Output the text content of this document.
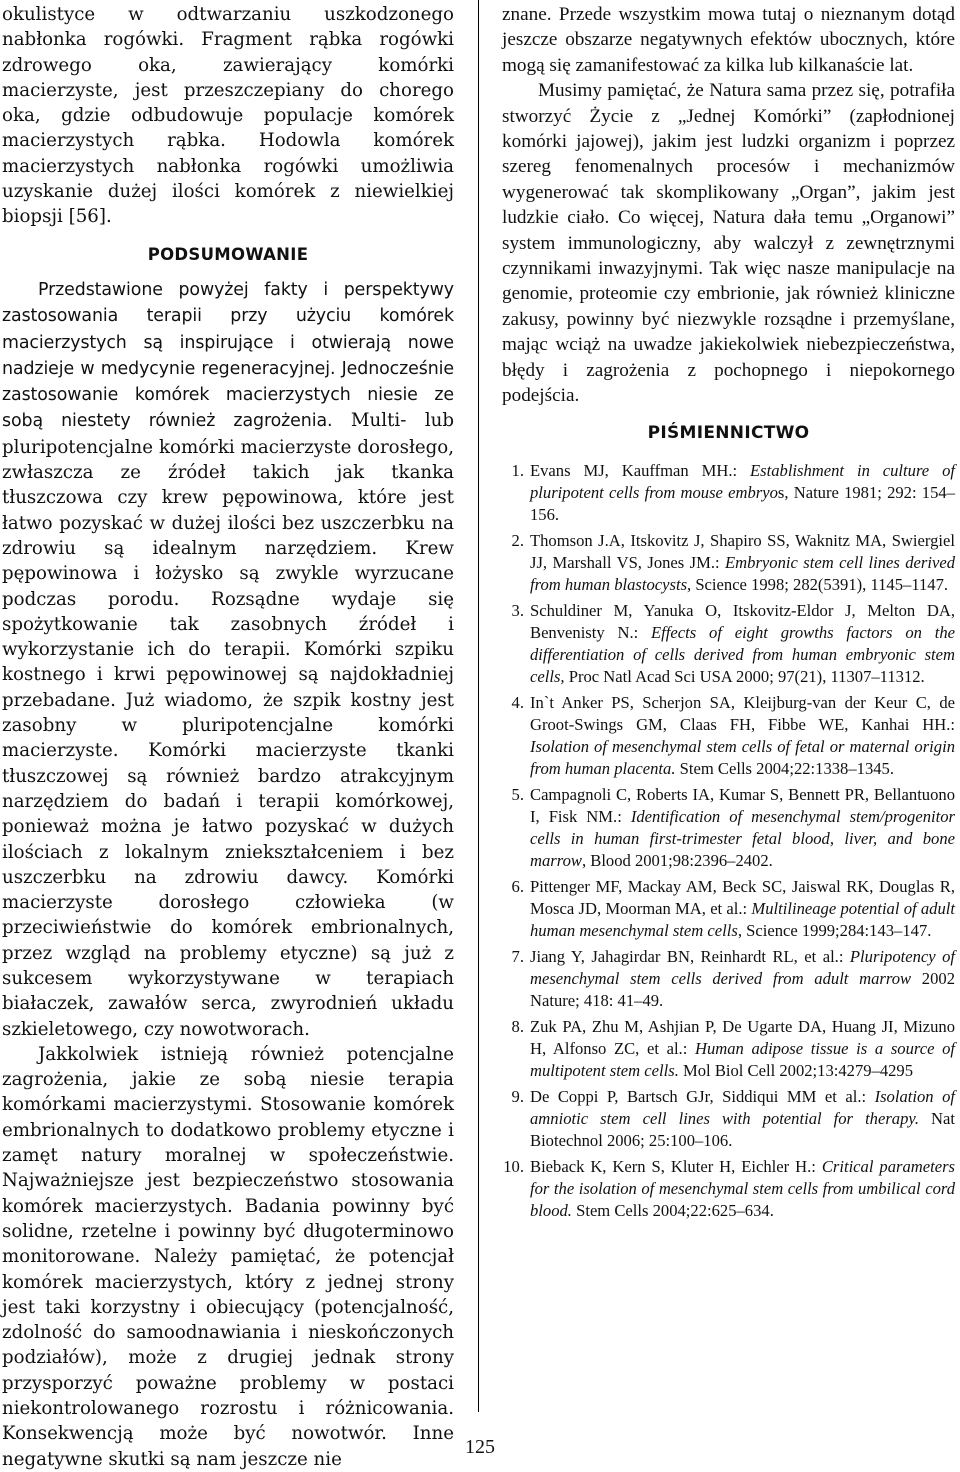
okulistyce w odtwarzaniu uszkodzonego nabłonka rogówki. Fragment rąbka rogówki zdrowego oka, zawierający komórki macierzyste, jest przeszczepiany do chorego oka, gdzie odbudowuje populacje komórek macierzystych rąbka. Hodowla komórek macierzystych nabłonka rogówki umożliwia uzyskanie dużej ilości komórek z niewielkiej biopsji [56].

PODSUMOWANIE

Przedstawione powyżej fakty i perspektywy zastosowania terapii przy użyciu komórek macierzystych są inspirujące i otwierają nowe nadzieje w medycynie regeneracyjnej. Jednocześnie zastosowanie komórek macierzystych niesie ze sobą niestety również zagrożenia. Multi- lub pluripotencjalne komórki macierzyste dorosłego, zwłaszcza ze źródeł takich jak tkanka tłuszczowa czy krew pępowinowa, które jest łatwo pozyskać w dużej ilości bez uszczerbku na zdrowiu są idealnym narzędziem. Krew pępowinowa i łożysko są zwykle wyrzucane podczas porodu. Rozsądne wydaje się spożytkowanie tak zasobnych źródeł i wykorzystanie ich do terapii. Komórki szpiku kostnego i krwi pępowinowej są najdokładniej przebadane. Już wiadomo, że szpik kostny jest zasobny w pluripotencjalne komórki macierzyste. Komórki macierzyste tkanki tłuszczowej są również bardzo atrakcyjnym narzędziem do badań i terapii komórkowej, ponieważ można je łatwo pozyskać w dużych ilościach z lokalnym zniekształceniem i bez uszczerbku na zdrowiu dawcy. Komórki macierzyste dorosłego człowieka (w przeciwieństwie do komórek embrionalnych, przez wzgląd na problemy etyczne) są już z sukcesem wykorzystywane w terapiach białaczek, zawałów serca, zwyrodnień układu szkieletowego, czy nowotworach.

Jakkolwiek istnieją również potencjalne zagrożenia, jakie ze sobą niesie terapia komórkami macierzystymi. Stosowanie komórek embrionalnych to dodatkowo problemy etyczne i zamęt natury moralnej w społeczeństwie. Najważniejsze jest bezpieczeństwo stosowania komórek macierzystych. Badania powinny być solidne, rzetelne i powinny być długoterminowo monitorowane. Należy pamiętać, że potencjał komórek macierzystych, który z jednej strony jest taki korzystny i obiecujący (potencjalność, zdolność do samoodnawiania i nieskończonych podziałów), może z drugiej jednak strony przysporzyć poważne problemy w postaci niekontrolowanego rozrostu i różnicowania. Konsekwencją może być nowotwór. Inne negatywne skutki są nam jeszcze nie

znane. Przede wszystkim mowa tutaj o nieznanym dotąd jeszcze obszarze negatywnych efektów ubocznych, które mogą się zamanifestować za kilka lub kilkanaście lat.

Musimy pamiętać, że Natura sama przez się, potrafiła stworzyć Życie z „Jednej Komórki” (zapłodnionej komórki jajowej), jakim jest ludzki organizm i poprzez szereg fenomenalnych procesów i mechanizmów wygenerować tak skomplikowany „Organ”, jakim jest ludzkie ciało. Co więcej, Natura dała temu „Organowi” system immunologiczny, aby walczył z zewnętrznymi czynnikami inwazyjnymi. Tak więc nasze manipulacje na genomie, proteomie czy embrionie, jak również kliniczne zakusy, powinny być niezwykle rozsądne i przemyślane, mając wciąż na uwadze jakiekolwiek niebezpieczeństwa, błędy i zagrożenia z pochopnego i niepokornego podejścia.

PIŚMIENNICTWO
1. Evans MJ, Kauffman MH.: Establishment in culture of pluripotent cells from mouse embryos, Nature 1981; 292: 154–156.
2. Thomson J.A, Itskovitz J, Shapiro SS, Waknitz MA, Swiergiel JJ, Marshall VS, Jones JM.: Embryonic stem cell lines derived from human blastocysts, Science 1998; 282(5391), 1145–1147.
3. Schuldiner M, Yanuka O, Itskovitz-Eldor J, Melton DA, Benvenisty N.: Effects of eight growths factors on the differentiation of cells derived from human embryonic stem cells, Proc Natl Acad Sci USA 2000; 97(21), 11307–11312.
4. In`t Anker PS, Scherjon SA, Kleijburg-van der Keur C, de Groot-Swings GM, Claas FH, Fibbe WE, Kanhai HH.: Isolation of mesenchymal stem cells of fetal or maternal origin from human placenta. Stem Cells 2004;22:1338–1345.
5. Campagnoli C, Roberts IA, Kumar S, Bennett PR, Bellantuono I, Fisk NM.: Identification of mesenchymal stem/progenitor cells in human first-trimester fetal blood, liver, and bone marrow, Blood 2001;98:2396–2402.
6. Pittenger MF, Mackay AM, Beck SC, Jaiswal RK, Douglas R, Mosca JD, Moorman MA, et al.: Multilineage potential of adult human mesenchymal stem cells, Science 1999;284:143–147.
7. Jiang Y, Jahagirdar BN, Reinhardt RL, et al.: Pluripotency of mesenchymal stem cells derived from adult marrow 2002 Nature; 418: 41–49.
8. Zuk PA, Zhu M, Ashjian P, De Ugarte DA, Huang JI, Mizuno H, Alfonso ZC, et al.: Human adipose tissue is a source of multipotent stem cells. Mol Biol Cell 2002;13:4279–4295
9. De Coppi P, Bartsch GJr, Siddiqui MM et al.: Isolation of amniotic stem cell lines with potential for therapy. Nat Biotechnol 2006; 25:100–106.
10. Bieback K, Kern S, Kluter H, Eichler H.: Critical parameters for the isolation of mesenchymal stem cells from umbilical cord blood. Stem Cells 2004;22:625–634.
125
